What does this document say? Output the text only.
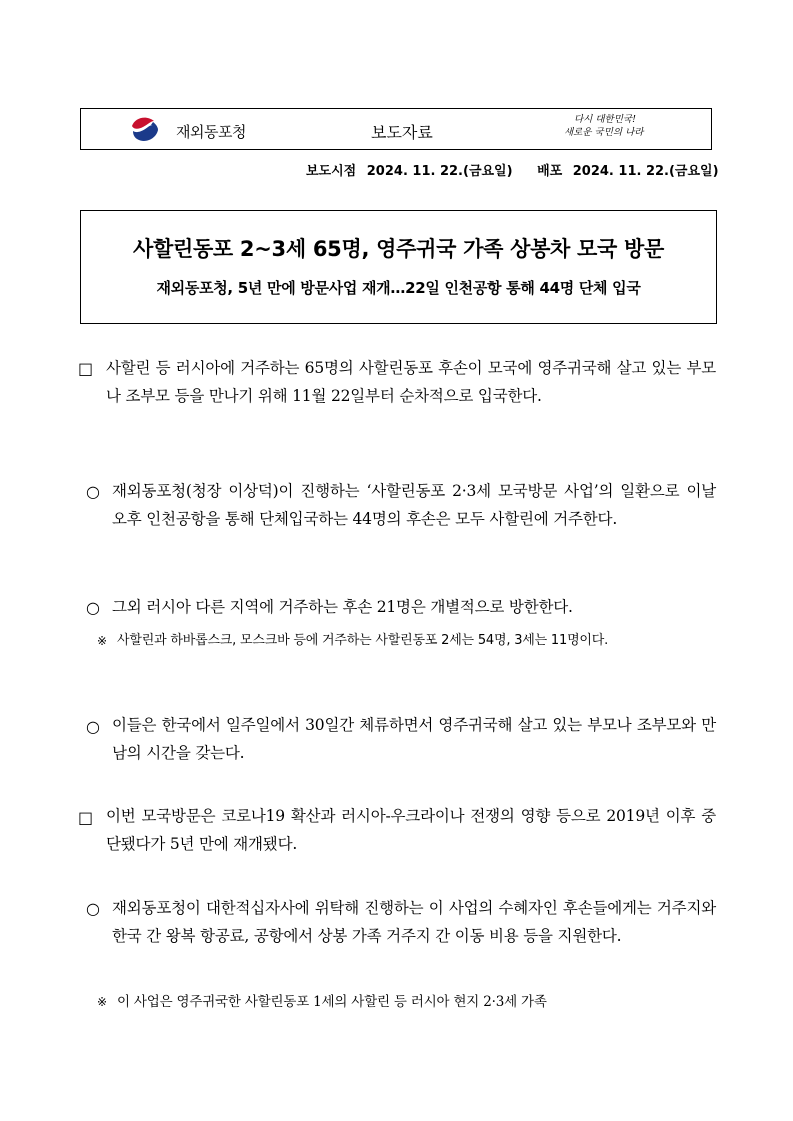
재외동포청	보도자료
다시 대한민국!
새로운 국민의 나라
보도시점 2024. 11. 22.(금요일) 배포 2024. 11. 22.(금요일)
사할린동포 2~3세 65명, 영주귀국 가족 상봉차 모국 방문
재외동포청, 5년 만에 방문사업 재개…22일 인천공항 통해 44명 단체 입국
□ 사할린 등 러시아에 거주하는 65명의 사할린동포 후손이 모국에 영주귀국해 살고 있는 부모나 조부모 등을 만나기 위해 11월 22일부터 순차적으로 입국한다.
○ 재외동포청(청장 이상덕)이 진행하는 ‘사할린동포 2·3세 모국방문 사업’의 일환으로 이날 오후 인천공항을 통해 단체입국하는 44명의 후손은 모두 사할린에 거주한다.
○ 그외 러시아 다른 지역에 거주하는 후손 21명은 개별적으로 방한한다.
※ 사할린과 하바롭스크, 모스크바 등에 거주하는 사할린동포 2세는 54명, 3세는 11명이다.
○ 이들은 한국에서 일주일에서 30일간 체류하면서 영주귀국해 살고 있는 부모나 조부모와 만남의 시간을 갖는다.
□ 이번 모국방문은 코로나19 확산과 러시아-우크라이나 전쟁의 영향 등으로 2019년 이후 중단됐다가 5년 만에 재개됐다.
○ 재외동포청이 대한적십자사에 위탁해 진행하는 이 사업의 수혜자인 후손들에게는 거주지와 한국 간 왕복 항공료, 공항에서 상봉 가족 거주지 간 이동 비용 등을 지원한다.
※ 이 사업은 영주귀국한 사할린동포 1세의 사할린 등 러시아 현지 2·3세 가족
